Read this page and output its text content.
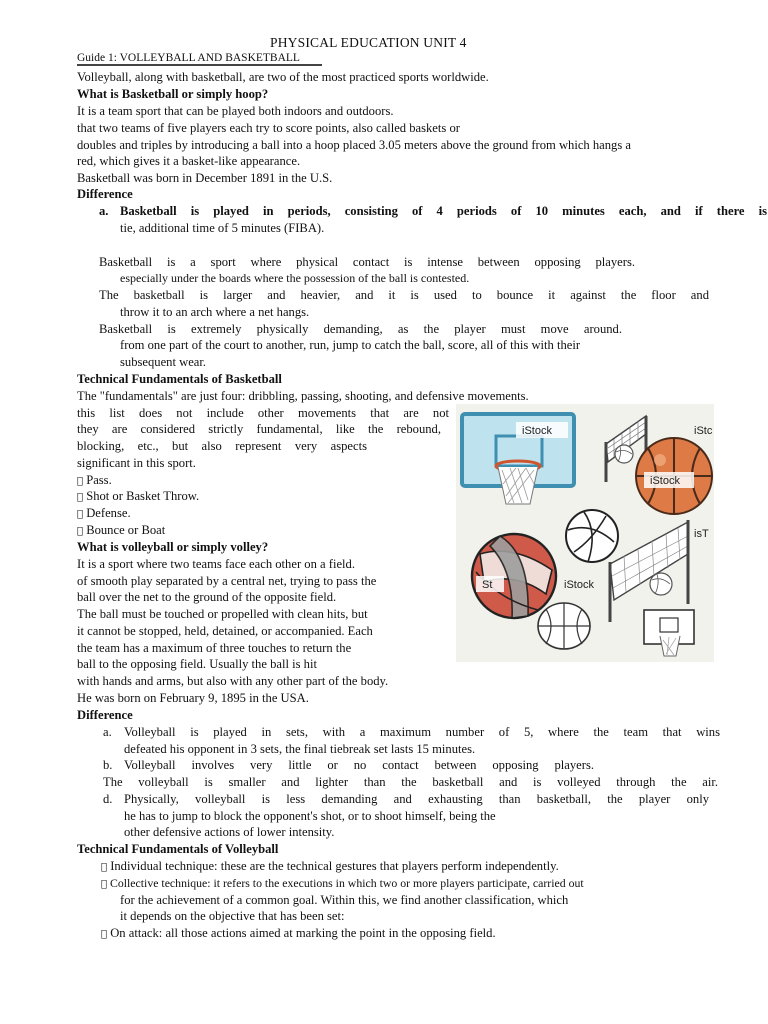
PHYSICAL EDUCATION UNIT 4
Guide 1: VOLLEYBALL AND BASKETBALL
Volleyball, along with basketball, are two of the most practiced sports worldwide.
What is Basketball or simply hoop?
It is a team sport that can be played both indoors and outdoors.
that two teams of five players each try to score points, also called baskets or
doubles and triples by introducing a ball into a hoop placed 3.05 meters above the ground from which hangs a
red, which gives it a basket-like appearance.
Basketball was born in December 1891 in the U.S.
Difference
a. Basketball is played in periods, consisting of 4 periods of 10 minutes each, and if there is
tie, additional time of 5 minutes (FIBA).
Basketball is a sport where physical contact is intense between opposing players.
especially under the boards where the possession of the ball is contested.
The basketball is larger and heavier, and it is used to bounce it against the floor and
throw it to an arch where a net hangs.
Basketball is extremely physically demanding, as the player must move around.
from one part of the court to another, run, jump to catch the ball, score, all of this with their
subsequent wear.
Technical Fundamentals of Basketball
The "fundamentals" are just four: dribbling, passing, shooting, and defensive movements.
this list does not include other movements that are not
they are considered strictly fundamental, like the rebound,
blocking, etc., but also represent very aspects
significant in this sport.
Pass.
Shot or Basket Throw.
Defense.
Bounce or Boat
What is volleyball or simply volley?
It is a sport where two teams face each other on a field.
of smooth play separated by a central net, trying to pass the
ball over the net to the ground of the opposite field.
The ball must be touched or propelled with clean hits, but
it cannot be stopped, held, detained, or accompanied. Each
the team has a maximum of three touches to return the
ball to the opposing field. Usually the ball is hit
with hands and arms, but also with any other part of the body.
He was born on February 9, 1895 in the USA.
Difference
a. Volleyball is played in sets, with a maximum number of 5, where the team that wins
defeated his opponent in 3 sets, the final tiebreak set lasts 15 minutes.
b. Volleyball involves very little or no contact between opposing players.
The volleyball is smaller and lighter than the basketball and is volleyed through the air.
d. Physically, volleyball is less demanding and exhausting than basketball, the player only
he has to jump to block the opponent's shot, or to shoot himself, being the
other defensive actions of lower intensity.
Technical Fundamentals of Volleyball
Individual technique: these are the technical gestures that players perform independently.
Collective technique: it refers to the executions in which two or more players participate, carried out
for the achievement of a common goal. Within this, we find another classification, which
it depends on the objective that has been set:
On attack: all those actions aimed at marking the point in the opposing field.
iStock	iStc
iStock
isT
St	iStock
